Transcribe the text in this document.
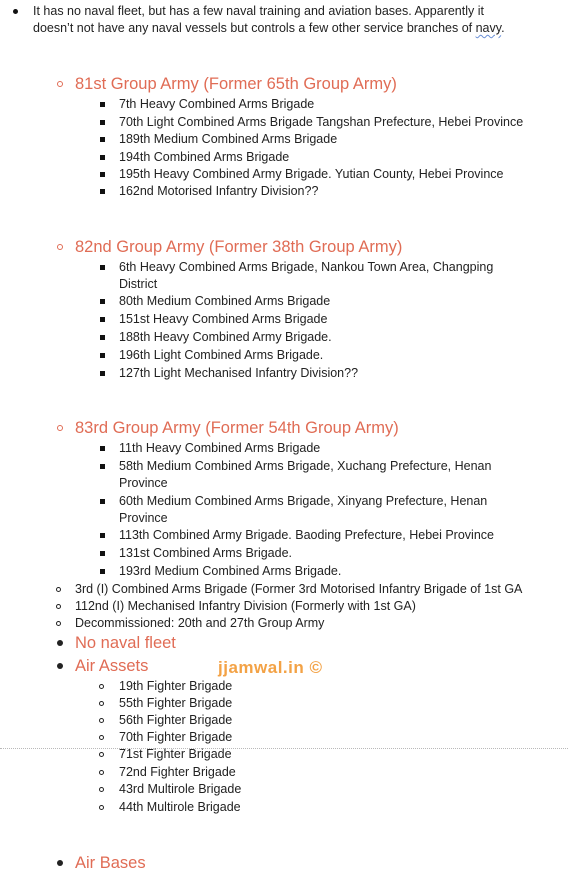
It has no naval fleet, but has a few naval training and aviation bases. Apparently it
doesn’t not have any naval vessels but controls a few other service branches of navy.
81st Group Army (Former 65th Group Army)
7th Heavy Combined Arms Brigade
70th Light Combined Arms Brigade Tangshan Prefecture, Hebei Province
189th Medium Combined Arms Brigade
194th Combined Arms Brigade
195th Heavy Combined Army Brigade. Yutian County, Hebei Province
162nd Motorised Infantry Division??
82nd Group Army (Former 38th Group Army)
6th Heavy Combined Arms Brigade, Nankou Town Area, Changping
District
80th Medium Combined Arms Brigade
151st Heavy Combined Arms Brigade
188th Heavy Combined Army Brigade.
196th Light Combined Arms Brigade.
127th Light Mechanised Infantry Division??
83rd Group Army (Former 54th Group Army)
11th Heavy Combined Arms Brigade
58th Medium Combined Arms Brigade, Xuchang Prefecture, Henan
Province
60th Medium Combined Arms Brigade, Xinyang Prefecture, Henan
Province
113th Combined Army Brigade. Baoding Prefecture, Hebei Province
131st Combined Arms Brigade.
193rd Medium Combined Arms Brigade.
3rd (I) Combined Arms Brigade (Former 3rd Motorised Infantry Brigade of 1st GA
112nd (I) Mechanised Infantry Division (Formerly with 1st GA)
Decommissioned: 20th and 27th Group Army
No naval fleet
Air Assets	jjamwal.in ©
19th Fighter Brigade
55th Fighter Brigade
56th Fighter Brigade
70th Fighter Brigade
71st Fighter Brigade
72nd Fighter Brigade
43rd Multirole Brigade
44th Multirole Brigade
Air Bases
